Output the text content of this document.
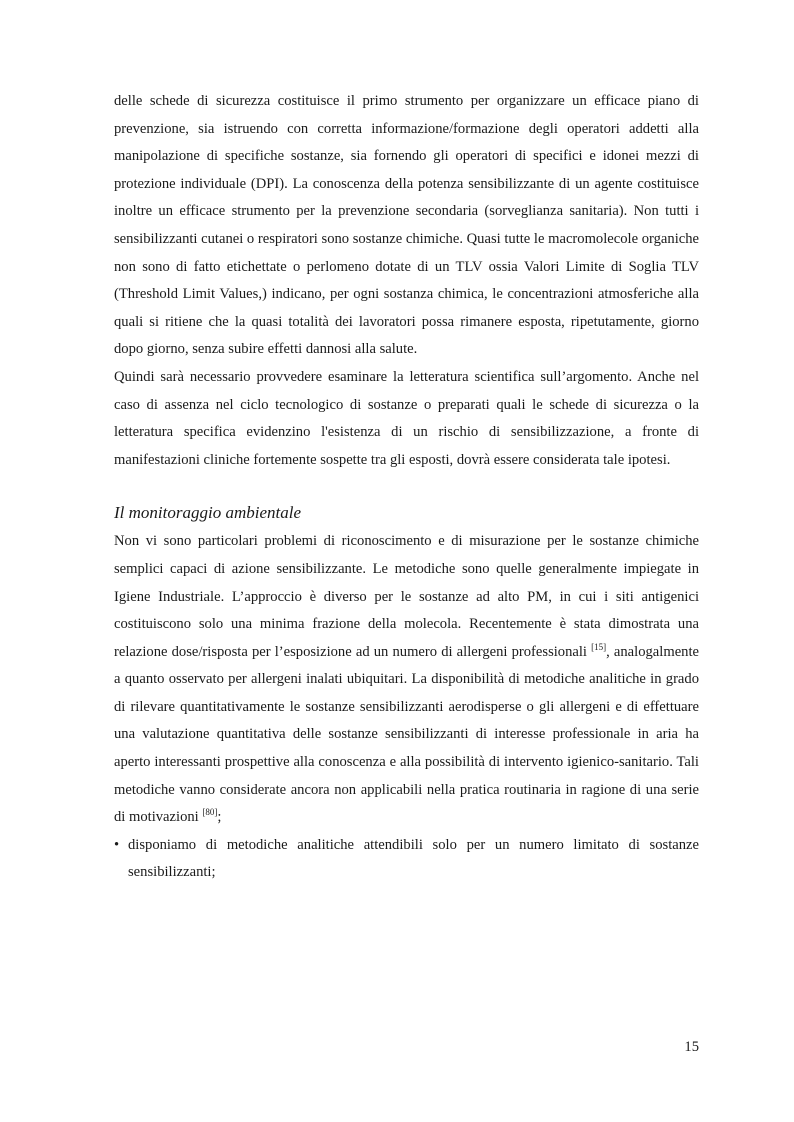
delle schede di sicurezza costituisce il primo strumento per organizzare un efficace piano di prevenzione, sia istruendo con corretta informazione/formazione degli operatori addetti alla manipolazione di specifiche sostanze, sia fornendo gli operatori di specifici e idonei mezzi di protezione individuale (DPI). La conoscenza della potenza sensibilizzante di un agente costituisce inoltre un efficace strumento per la prevenzione secondaria (sorveglianza sanitaria). Non tutti i sensibilizzanti cutanei o respiratori sono sostanze chimiche. Quasi tutte le macromolecole organiche non sono di fatto etichettate o perlomeno dotate di un TLV ossia Valori Limite di Soglia TLV (Threshold Limit Values,) indicano, per ogni sostanza chimica, le concentrazioni atmosferiche alla quali si ritiene che la quasi totalità dei lavoratori possa rimanere esposta, ripetutamente, giorno dopo giorno, senza subire effetti dannosi alla salute.

Quindi sarà necessario provvedere esaminare la letteratura scientifica sull’argomento. Anche nel caso di assenza nel ciclo tecnologico di sostanze o preparati quali le schede di sicurezza o la letteratura specifica evidenzino l'esistenza di un rischio di sensibilizzazione, a fronte di manifestazioni cliniche fortemente sospette tra gli esposti, dovrà essere considerata tale ipotesi.

Il monitoraggio ambientale

Non vi sono particolari problemi di riconoscimento e di misurazione per le sostanze chimiche semplici capaci di azione sensibilizzante. Le metodiche sono quelle generalmente impiegate in Igiene Industriale. L’approccio è diverso per le sostanze ad alto PM, in cui i siti antigenici costituiscono solo una minima frazione della molecola. Recentemente è stata dimostrata una relazione dose/risposta per l’esposizione ad un numero di allergeni professionali [15], analogalmente a quanto osservato per allergeni inalati ubiquitari. La disponibilità di metodiche analitiche in grado di rilevare quantitativamente le sostanze sensibilizzanti aerodisperse o gli allergeni e di effettuare una valutazione quantitativa delle sostanze sensibilizzanti di interesse professionale in aria ha aperto interessanti prospettive alla conoscenza e alla possibilità di intervento igienico-sanitario. Tali metodiche vanno considerate ancora non applicabili nella pratica routinaria in ragione di una serie di motivazioni [80];

• disponiamo di metodiche analitiche attendibili solo per un numero limitato di sostanze sensibilizzanti;
15
